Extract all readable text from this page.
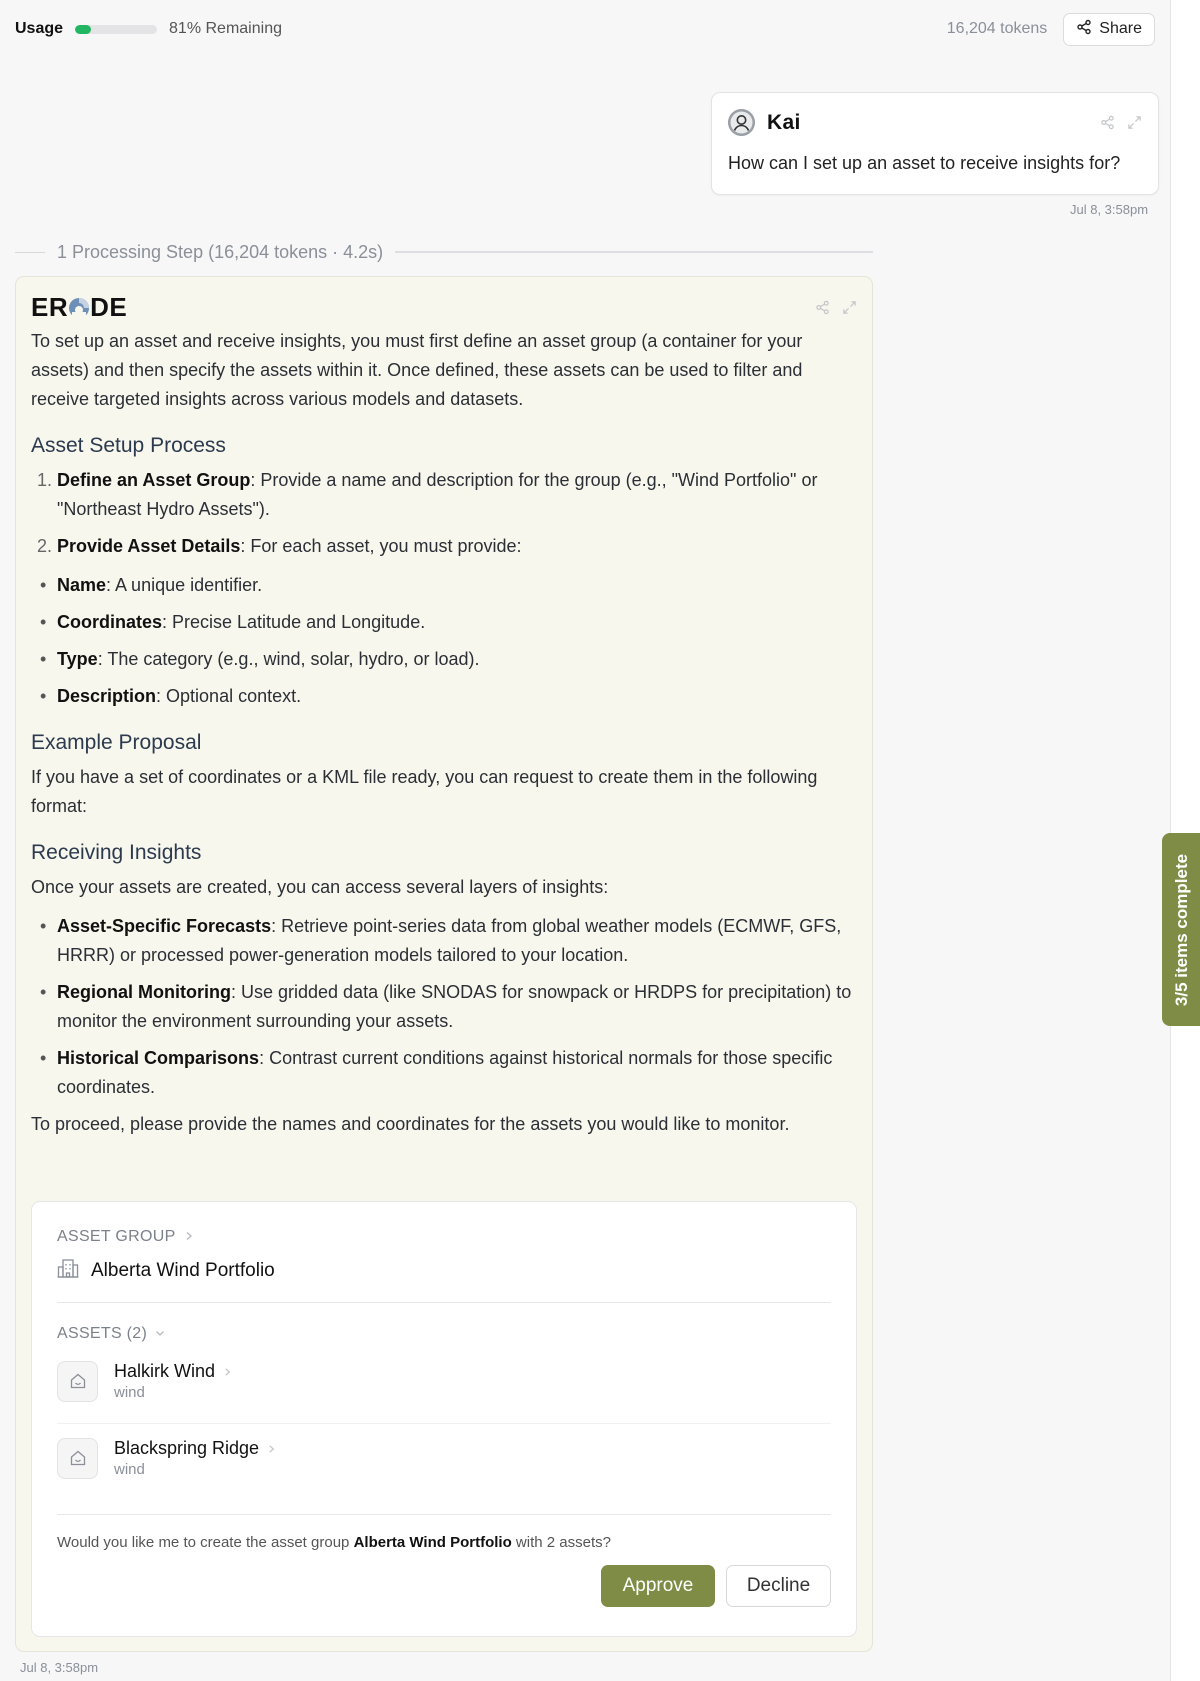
Usage	81% Remaining	16,204 tokens	Share
Kai
How can I set up an asset to receive insights for?
Jul 8, 3:58pm
1 Processing Step (16,204 tokens · 4.2s)
ER DE

To set up an asset and receive insights, you must first define an asset group (a container for your assets) and then specify the assets within it. Once defined, these assets can be used to filter and receive targeted insights across various models and datasets.

Asset Setup Process
1. Define an Asset Group: Provide a name and description for the group (e.g., "Wind Portfolio" or "Northeast Hydro Assets").
2. Provide Asset Details: For each asset, you must provide:
• Name: A unique identifier.
• Coordinates: Precise Latitude and Longitude.
• Type: The category (e.g., wind, solar, hydro, or load).
• Description: Optional context.
Example Proposal

If you have a set of coordinates or a KML file ready, you can request to create them in the following format:

Receiving Insights

Once your assets are created, you can access several layers of insights:

• Asset-Specific Forecasts: Retrieve point-series data from global weather models (ECMWF, GFS, HRRR) or processed power-generation models tailored to your location.
• Regional Monitoring: Use gridded data (like SNODAS for snowpack or HRDPS for precipitation) to monitor the environment surrounding your assets.
• Historical Comparisons: Contrast current conditions against historical normals for those specific coordinates.

To proceed, please provide the names and coordinates for the assets you would like to monitor.

ASSET GROUP
Alberta Wind Portfolio
ASSETS (2)
Halkirk Wind
wind
Blackspring Ridge
wind
Would you like me to create the asset group Alberta Wind Portfolio with 2 assets?
Approve	Decline
Jul 8, 3:58pm
3/5 items complete
